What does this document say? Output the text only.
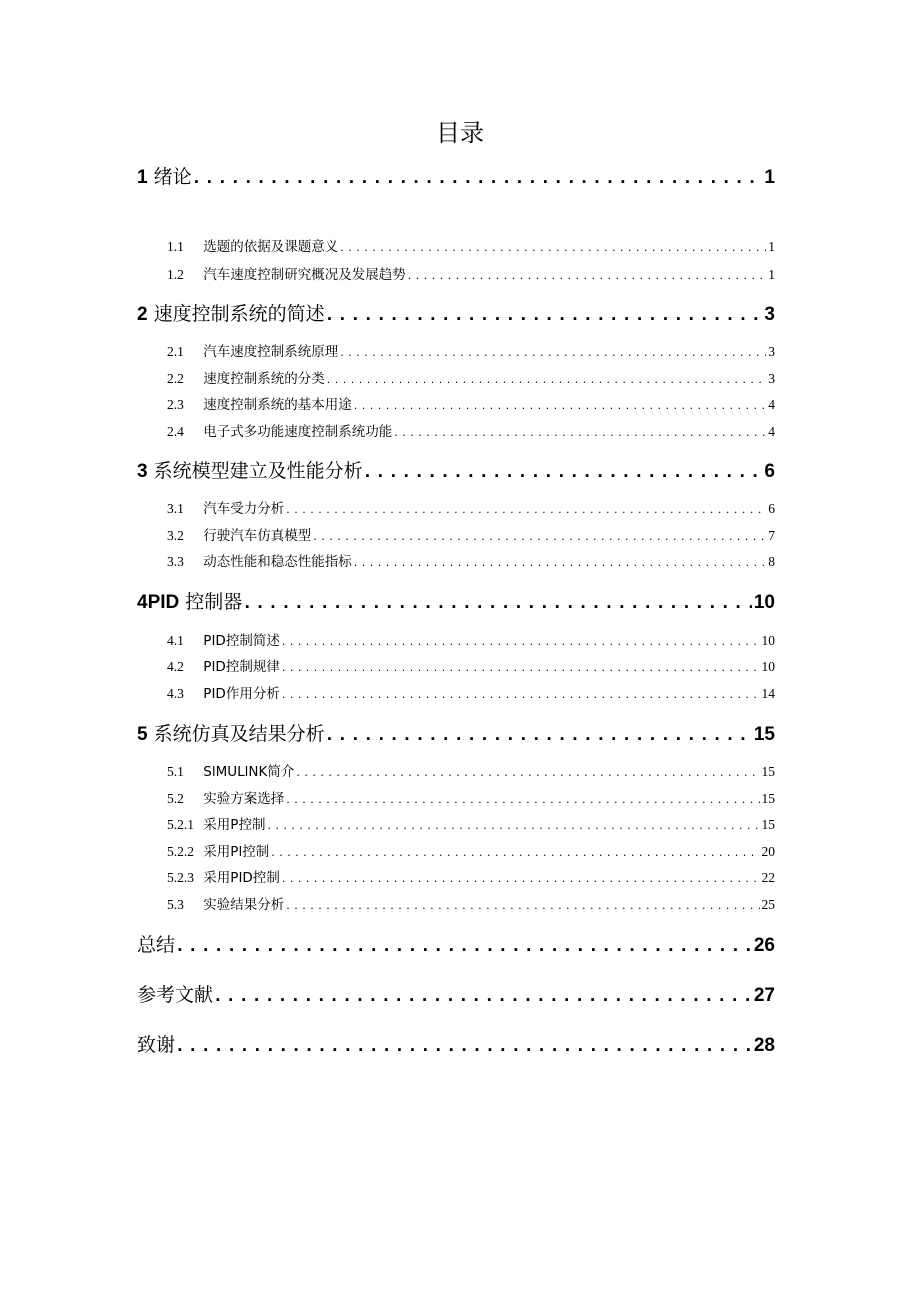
目录
1 绪论 . . .	1
1.1 选题的依据及课题意义 . . .	1
1.2 汽车速度控制研究概况及发展趋势 . . .	1
2 速度控制系统的简述 . . .	3
2.1 汽车速度控制系统原理 . . .	3
2.2 速度控制系统的分类 . . .	3
2.3 速度控制系统的基本用途 . . .	4
2.4 电子式多功能速度控制系统功能 . . .	4
3 系统模型建立及性能分析 . . .	6
3.1 汽车受力分析 . . .	6
3.2 行驶汽车仿真模型 . . .	7
3.3 动态性能和稳态性能指标 . . .	8
4PID 控制器 . . .	10
4.1 PID控制简述 . . .	10
4.2 PID控制规律 . . .	10
4.3 PID作用分析 . . .	14
5 系统仿真及结果分析 . . .	15
5.1 SlMULlNK简介 . . .	15
5.2 实验方案选择 . . .	15
5.2.1 采用P控制 . . .	15
5.2.2 采用Pl控制 . . .	20
5.2.3 采用PID控制 . . .	22
5.3 实验结果分析 . . .	25
总结 . . .	26
参考文献 . . .	27
致谢 . . .	28
